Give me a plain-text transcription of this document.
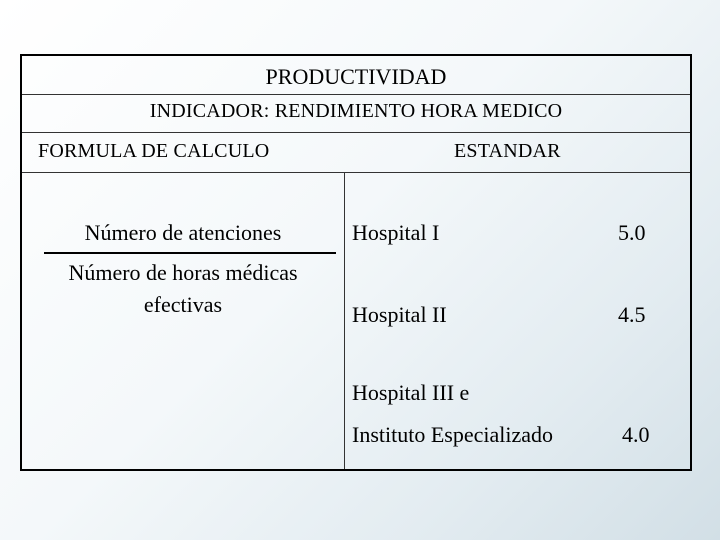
PRODUCTIVIDAD
INDICADOR: RENDIMIENTO HORA MEDICO
FORMULA DE CALCULO	ESTANDAR
Número de atenciones
Número de horas médicas
efectivas
Hospital I	5.0
Hospital II	4.5
Hospital III e
Instituto Especializado	4.0
